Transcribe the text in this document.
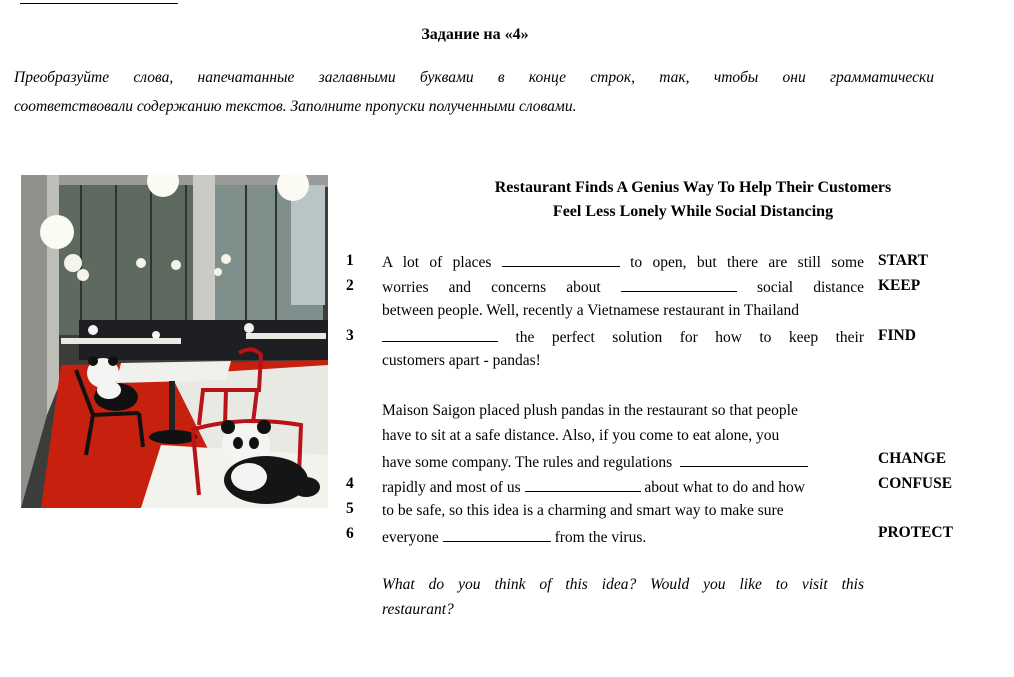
Задание на «4»
Преобразуйте слова, напечатанные заглавными буквами в конце строк, так, чтобы они грамматически
соответствовали содержанию текстов. Заполните пропуски полученными словами.
Restaurant Finds A Genius Way To Help Their Customers
Feel Less Lonely While Social Distancing
1
2
3
4
5
6
A lot of places	to open, but there are still some
worries and concerns about	social distance
between people. Well, recently a Vietnamese restaurant in Thailand
the perfect solution for how to keep their
customers apart - pandas!
Maison Saigon placed plush pandas in the restaurant so that people
have to sit at a safe distance. Also, if you come to eat alone, you
have some company. The rules and regulations
rapidly and most of us	about what to do and how
to be safe, so this idea is a charming and smart way to make sure
everyone	from the virus.
What do you think of this idea? Would you like to visit this
restaurant?
START
KEEP
FIND
CHANGE
CONFUSE
PROTECT
